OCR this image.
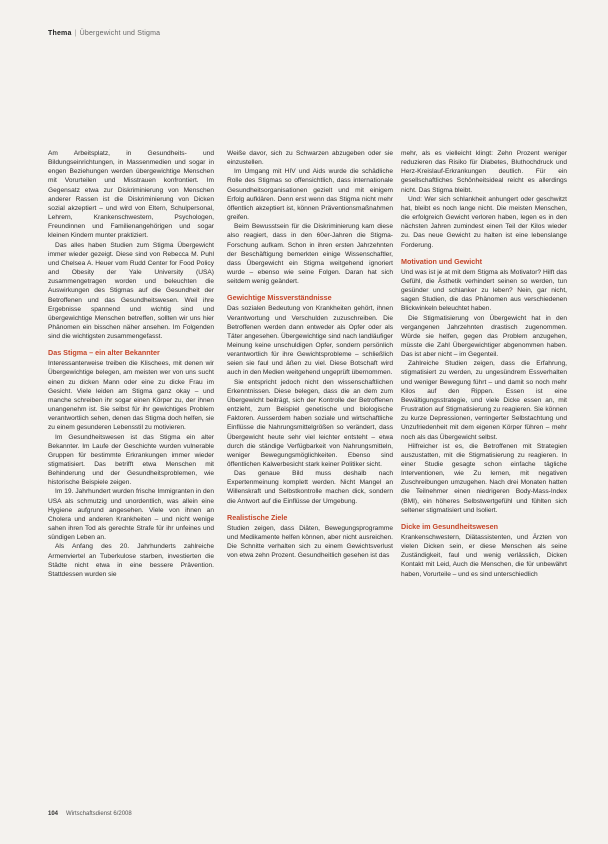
Thema | Übergewicht und Stigma

Am Arbeitsplatz, in Gesundheits- und Bildungseinrichtungen, in Massenmedien und sogar in engen Beziehungen werden übergewichtige Menschen mit Vorurteilen und Misstrauen konfrontiert. Im Gegensatz etwa zur Diskriminierung von Menschen anderer Rassen ist die Diskriminierung von Dicken sozial akzeptiert – und wird von Eltern, Schulpersonal, Lehrern, Krankenschwestern, Psychologen, Freundinnen und Familienangehörigen und sogar kleinen Kindern munter praktiziert.

Das alles haben Studien zum Stigma Übergewicht immer wieder gezeigt. Diese sind von Rebecca M. Puhl und Chelsea A. Heuer vom Rudd Center for Food Policy and Obesity der Yale University (USA) zusammengetragen worden und beleuchten die Auswirkungen des Stigmas auf die Gesundheit der Betroffenen und das Gesundheitswesen. Weil ihre Ergebnisse spannend und wichtig sind und übergewichtige Menschen betreffen, sollten wir uns hier Phänomen ein bisschen näher ansehen. Im Folgenden sind die wichtigsten zusammengefasst.

Das Stigma – ein alter Bekannter

Interessanterweise treiben die Klischees, mit denen wir Übergewichtige belegen, am meisten wer von uns sucht einen zu dicken Mann oder eine zu dicke Frau im Gesicht. Viele leiden am Stigma ganz okay – und manche schreiben ihr sogar einen Körper zu, der ihnen unangenehm ist. Sie selbst für ihr gewichtiges Problem verantwortlich sehen, denen das Stigma doch helfen, sie zu einem gesunderen Lebensstil zu motivieren.

Im Gesundheitswesen ist das Stigma ein alter Bekannter. Im Laufe der Geschichte wurden vulnerable Gruppen für bestimmte Erkrankungen immer wieder stigmatisiert. Das betrifft etwa Menschen mit Behinderung und der Gesundheitsproblemen, wie historische Beispiele zeigen.

Im 19. Jahrhundert wurden frische Immigranten in den USA als schmutzig und unordentlich, was allein eine Hygiene aufgrund angesehen. Viele von ihnen an Cholera und anderen Krankheiten – und nicht wenige sahen ihren Tod als gerechte Strafe für ihr unfeines und sündigen Leben an.

Als Anfang des 20. Jahrhunderts zahlreiche Armenviertel an Tuberkulose starben, investierten die Städte nicht etwa in eine bessere Prävention. Stattdessen wurden sie

Weiße davor, sich zu Schwarzen abzugeben oder sie einzustellen.

Im Umgang mit HIV und Aids wurde die schädliche Rolle des Stigmas so offensichtlich, dass internationale Gesundheitsorganisationen gezielt und mit einigem Erfolg aufklären. Denn erst wenn das Stigma nicht mehr öffentlich akzeptiert ist, können Präventionsmaßnahmen greifen.

Beim Bewusstsein für die Diskriminierung kam diese also reagiert, dass in den 60er-Jahren die Stigma-Forschung aufkam. Schon in ihren ersten Jahrzehnten der Beschäftigung bemerkten einige Wissenschaftler, dass Übergewicht ein Stigma weitgehend ignoriert wurde – ebenso wie seine Folgen. Daran hat sich seitdem wenig geändert.

Gewichtige Missverständnisse

Das sozialen Bedeutung von Krankheiten gehört, ihnen Verantwortung und Verschulden zuzuschreiben. Die Betroffenen werden dann entweder als Opfer oder als Täter angesehen. Übergewichtige sind nach landläufiger Meinung keine unschuldigen Opfer, sondern persönlich verantwortlich für ihre Gewichtsprobleme – schließlich seien sie faul und äßen zu viel. Diese Botschaft wird auch in den Medien weitgehend ungeprüft übernommen.

Sie entspricht jedoch nicht den wissenschaftlichen Erkenntnissen. Diese belegen, dass die an dem zum Übergewicht beiträgt, sich der Kontrolle der Betroffenen entzieht, zum Beispiel genetische und biologische Faktoren. Ausserdem haben soziale und wirtschaftliche Einflüsse die Nahrungsmittelgrößen so verändert, dass Übergewicht heute sehr viel leichter entsteht – etwa durch die ständige Verfügbarkeit von Nahrungsmitteln, weniger Bewegungsmöglichkeiten. Ebenso sind öffentlichen Kalwerbesicht stark keiner Politiker sicht.

Das genaue Bild muss deshalb nach Expertenmeinung komplett werden. Nicht Mangel an Willenskraft und Selbstkontrolle machen dick, sondern die Antwort auf die Einflüsse der Umgebung.

Realistische Ziele

Studien zeigen, dass Diäten, Bewegungsprogramme und Medikamente helfen können, aber nicht ausreichen. Die Schnitte verhalten sich zu einem Gewichtsverlust von etwa zehn Prozent. Gesundheitlich gesehen ist das

mehr, als es vielleicht klingt: Zehn Prozent weniger reduzieren das Risiko für Diabetes, Bluthochdruck und Herz-Kreislauf-Erkrankungen deutlich. Für ein gesellschaftliches Schönheitsideal reicht es allerdings nicht. Das Stigma bleibt.

Und: Wer sich schlankheit anhungert oder geschwitzt hat, bleibt es noch lange nicht. Die meisten Menschen, die erfolgreich Gewicht verloren haben, legen es in den nächsten Jahren zumindest einen Teil der Kilos wieder zu. Das neue Gewicht zu halten ist eine lebenslange Forderung.

Motivation und Gewicht

Und was ist je at mit dem Stigma als Motivator? Hilft das Gefühl, die Ästhetik verhindert seinen so werden, tun gesünder und schlanker zu leben? Nein, gar nicht, sagen Studien, die das Phänomen aus verschiedenen Blickwinkeln beleuchtet haben.

Die Stigmatisierung von Übergewicht hat in den vergangenen Jahrzehnten drastisch zugenommen. Würde sie helfen, gegen das Problem anzugehen, müsste die Zahl Übergewichtiger abgenommen haben. Das ist aber nicht – im Gegenteil.

Zahlreiche Studien zeigen, dass die Erfahrung, stigmatisiert zu werden, zu ungesündrem Essverhalten und weniger Bewegung führt – und damit so noch mehr Kilos auf den Rippen. Essen ist eine Bewältigungsstrategie, und viele Dicke essen an, mit Frustration auf Stigmatisierung zu reagieren. Sie können zu kurze Depressionen, verringerter Selbstachtung und Unzufriedenheit mit dem eigenen Körper führen – mehr noch als das Übergewicht selbst.

Hilfreicher ist es, die Betroffenen mit Strategien auszustatten, mit die Stigmatisierung zu reagieren. In einer Studie gesagte schon einfache tägliche Interventionen, wie Zu lernen, mit negativen Zuschreibungen umzugehen. Nach drei Monaten hatten die Teilnehmer einen niedrigeren Body-Mass-Index (BMI), ein höheres Selbstwertgefühl und fühlten sich seltener stigmatisiert und Isoliert.

Dicke im Gesundheitswesen

Krankenschwestern, Diätassistenten, und Ärzten von vielen Dicken sein, er diese Menschen als seine Zuständigkeit, faul und wenig verlässlich, Dicken Kontakt mit Leid, Auch die Menschen, die für unbewährt haben, Vorurteile – und es sind unterschiedlich

104 Wirtschaftsdienst 6/2008
